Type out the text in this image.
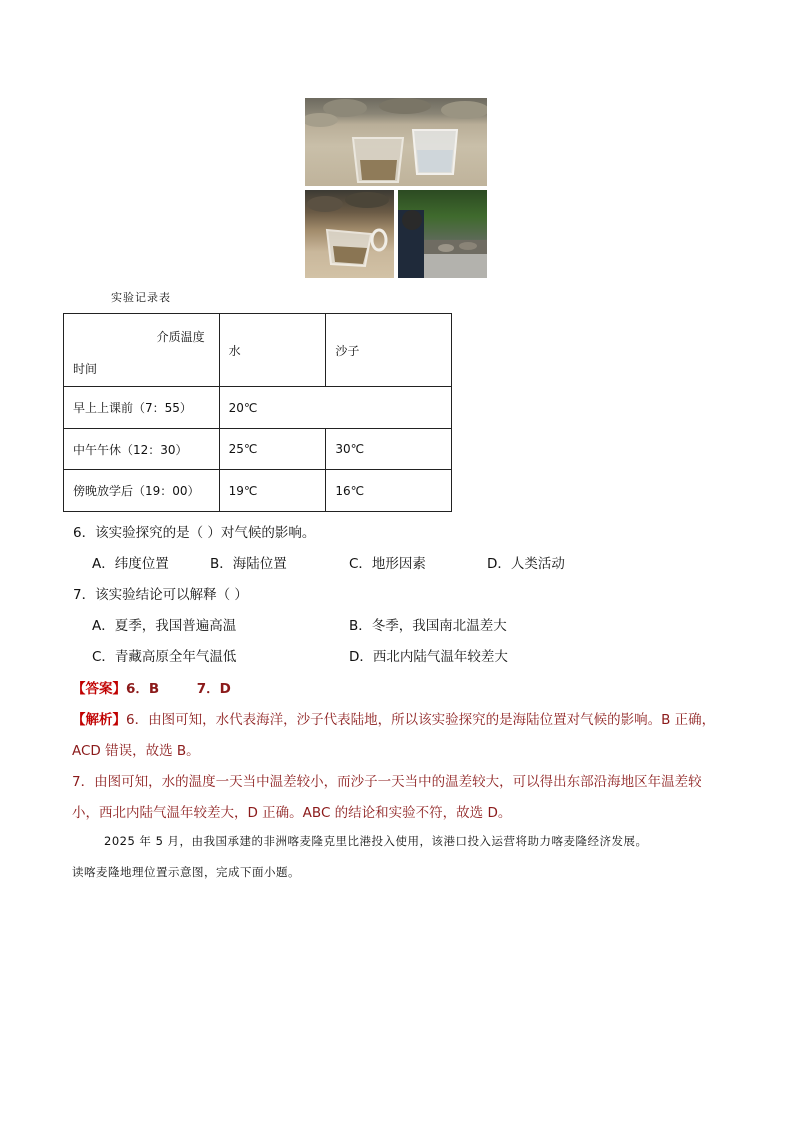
实验记录表
介质温度
时间	水	沙子
早上上课前（7：55）	20℃	
中午午休（12：30）	25℃	30℃
傍晚放学后（19：00）	19℃	16℃
6．该实验探究的是（ ）对气候的影响。
A．纬度位置	B．海陆位置	C．地形因素	D．人类活动
7．该实验结论可以解释（ ）
A．夏季，我国普遍高温	B．冬季，我国南北温差大
C．青藏高原全年气温低	D．西北内陆气温年较差大
【答案】6．B        7．D
【解析】6．由图可知，水代表海洋，沙子代表陆地，所以该实验探究的是海陆位置对气候的影响。B 正确，
ACD 错误，故选 B。
7．由图可知，水的温度一天当中温差较小，而沙子一天当中的温差较大，可以得出东部沿海地区年温差较
小，西北内陆气温年较差大，D 正确。ABC 的结论和实验不符，故选 D。
2025 年 5 月，由我国承建的非洲喀麦隆克里比港投入使用，该港口投入运营将助力喀麦隆经济发展。
读喀麦隆地理位置示意图，完成下面小题。
